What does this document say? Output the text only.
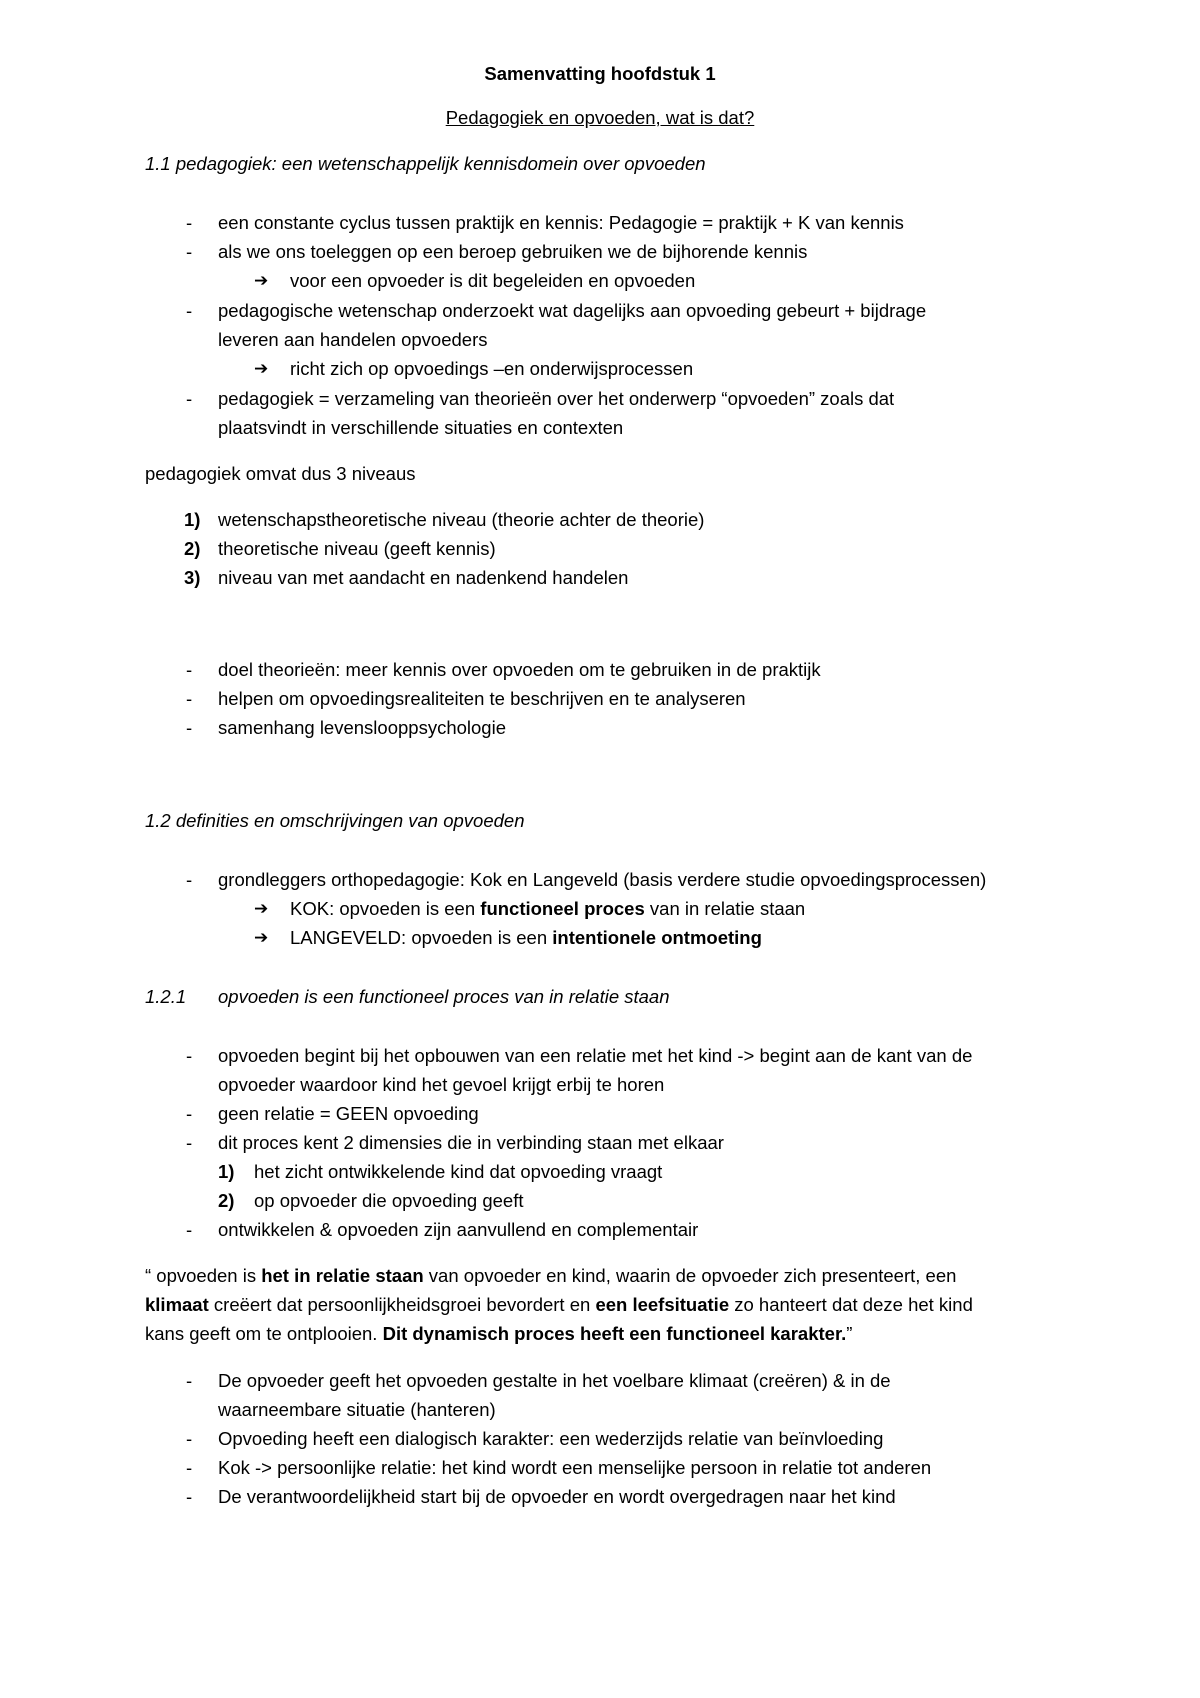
Samenvatting hoofdstuk 1
Pedagogiek en opvoeden, wat is dat?
1.1 pedagogiek: een wetenschappelijk kennisdomein over opvoeden
- een constante cyclus tussen praktijk en kennis: Pedagogie = praktijk + K van kennis
- als we ons toeleggen op een beroep gebruiken we de bijhorende kennis
➔ voor een opvoeder is dit begeleiden en opvoeden
- pedagogische wetenschap onderzoekt wat dagelijks aan opvoeding gebeurt + bijdrage
leveren aan handelen opvoeders
➔ richt zich op opvoedings –en onderwijsprocessen
- pedagogiek = verzameling van theorieën over het onderwerp “opvoeden” zoals dat
plaatsvindt in verschillende situaties en contexten
pedagogiek omvat dus 3 niveaus
1) wetenschapstheoretische niveau (theorie achter de theorie)
2) theoretische niveau (geeft kennis)
3) niveau van met aandacht en nadenkend handelen
- doel theorieën: meer kennis over opvoeden om te gebruiken in de praktijk
- helpen om opvoedingsrealiteiten te beschrijven en te analyseren
- samenhang levenslooppsychologie
1.2 definities en omschrijvingen van opvoeden
- grondleggers orthopedagogie: Kok en Langeveld (basis verdere studie opvoedingsprocessen)
➔ KOK: opvoeden is een functioneel proces van in relatie staan
➔ LANGEVELD: opvoeden is een intentionele ontmoeting
1.2.1 opvoeden is een functioneel proces van in relatie staan
- opvoeden begint bij het opbouwen van een relatie met het kind -> begint aan de kant van de
opvoeder waardoor kind het gevoel krijgt erbij te horen
- geen relatie = GEEN opvoeding
- dit proces kent 2 dimensies die in verbinding staan met elkaar
1) het zicht ontwikkelende kind dat opvoeding vraagt
2) op opvoeder die opvoeding geeft
- ontwikkelen & opvoeden zijn aanvullend en complementair
“ opvoeden is het in relatie staan van opvoeder en kind, waarin de opvoeder zich presenteert, een
klimaat creëert dat persoonlijkheidsgroei bevordert en een leefsituatie zo hanteert dat deze het kind
kans geeft om te ontplooien. Dit dynamisch proces heeft een functioneel karakter.”
- De opvoeder geeft het opvoeden gestalte in het voelbare klimaat (creëren) & in de
waarneembare situatie (hanteren)
- Opvoeding heeft een dialogisch karakter: een wederzijds relatie van beïnvloeding
- Kok -> persoonlijke relatie: het kind wordt een menselijke persoon in relatie tot anderen
- De verantwoordelijkheid start bij de opvoeder en wordt overgedragen naar het kind
